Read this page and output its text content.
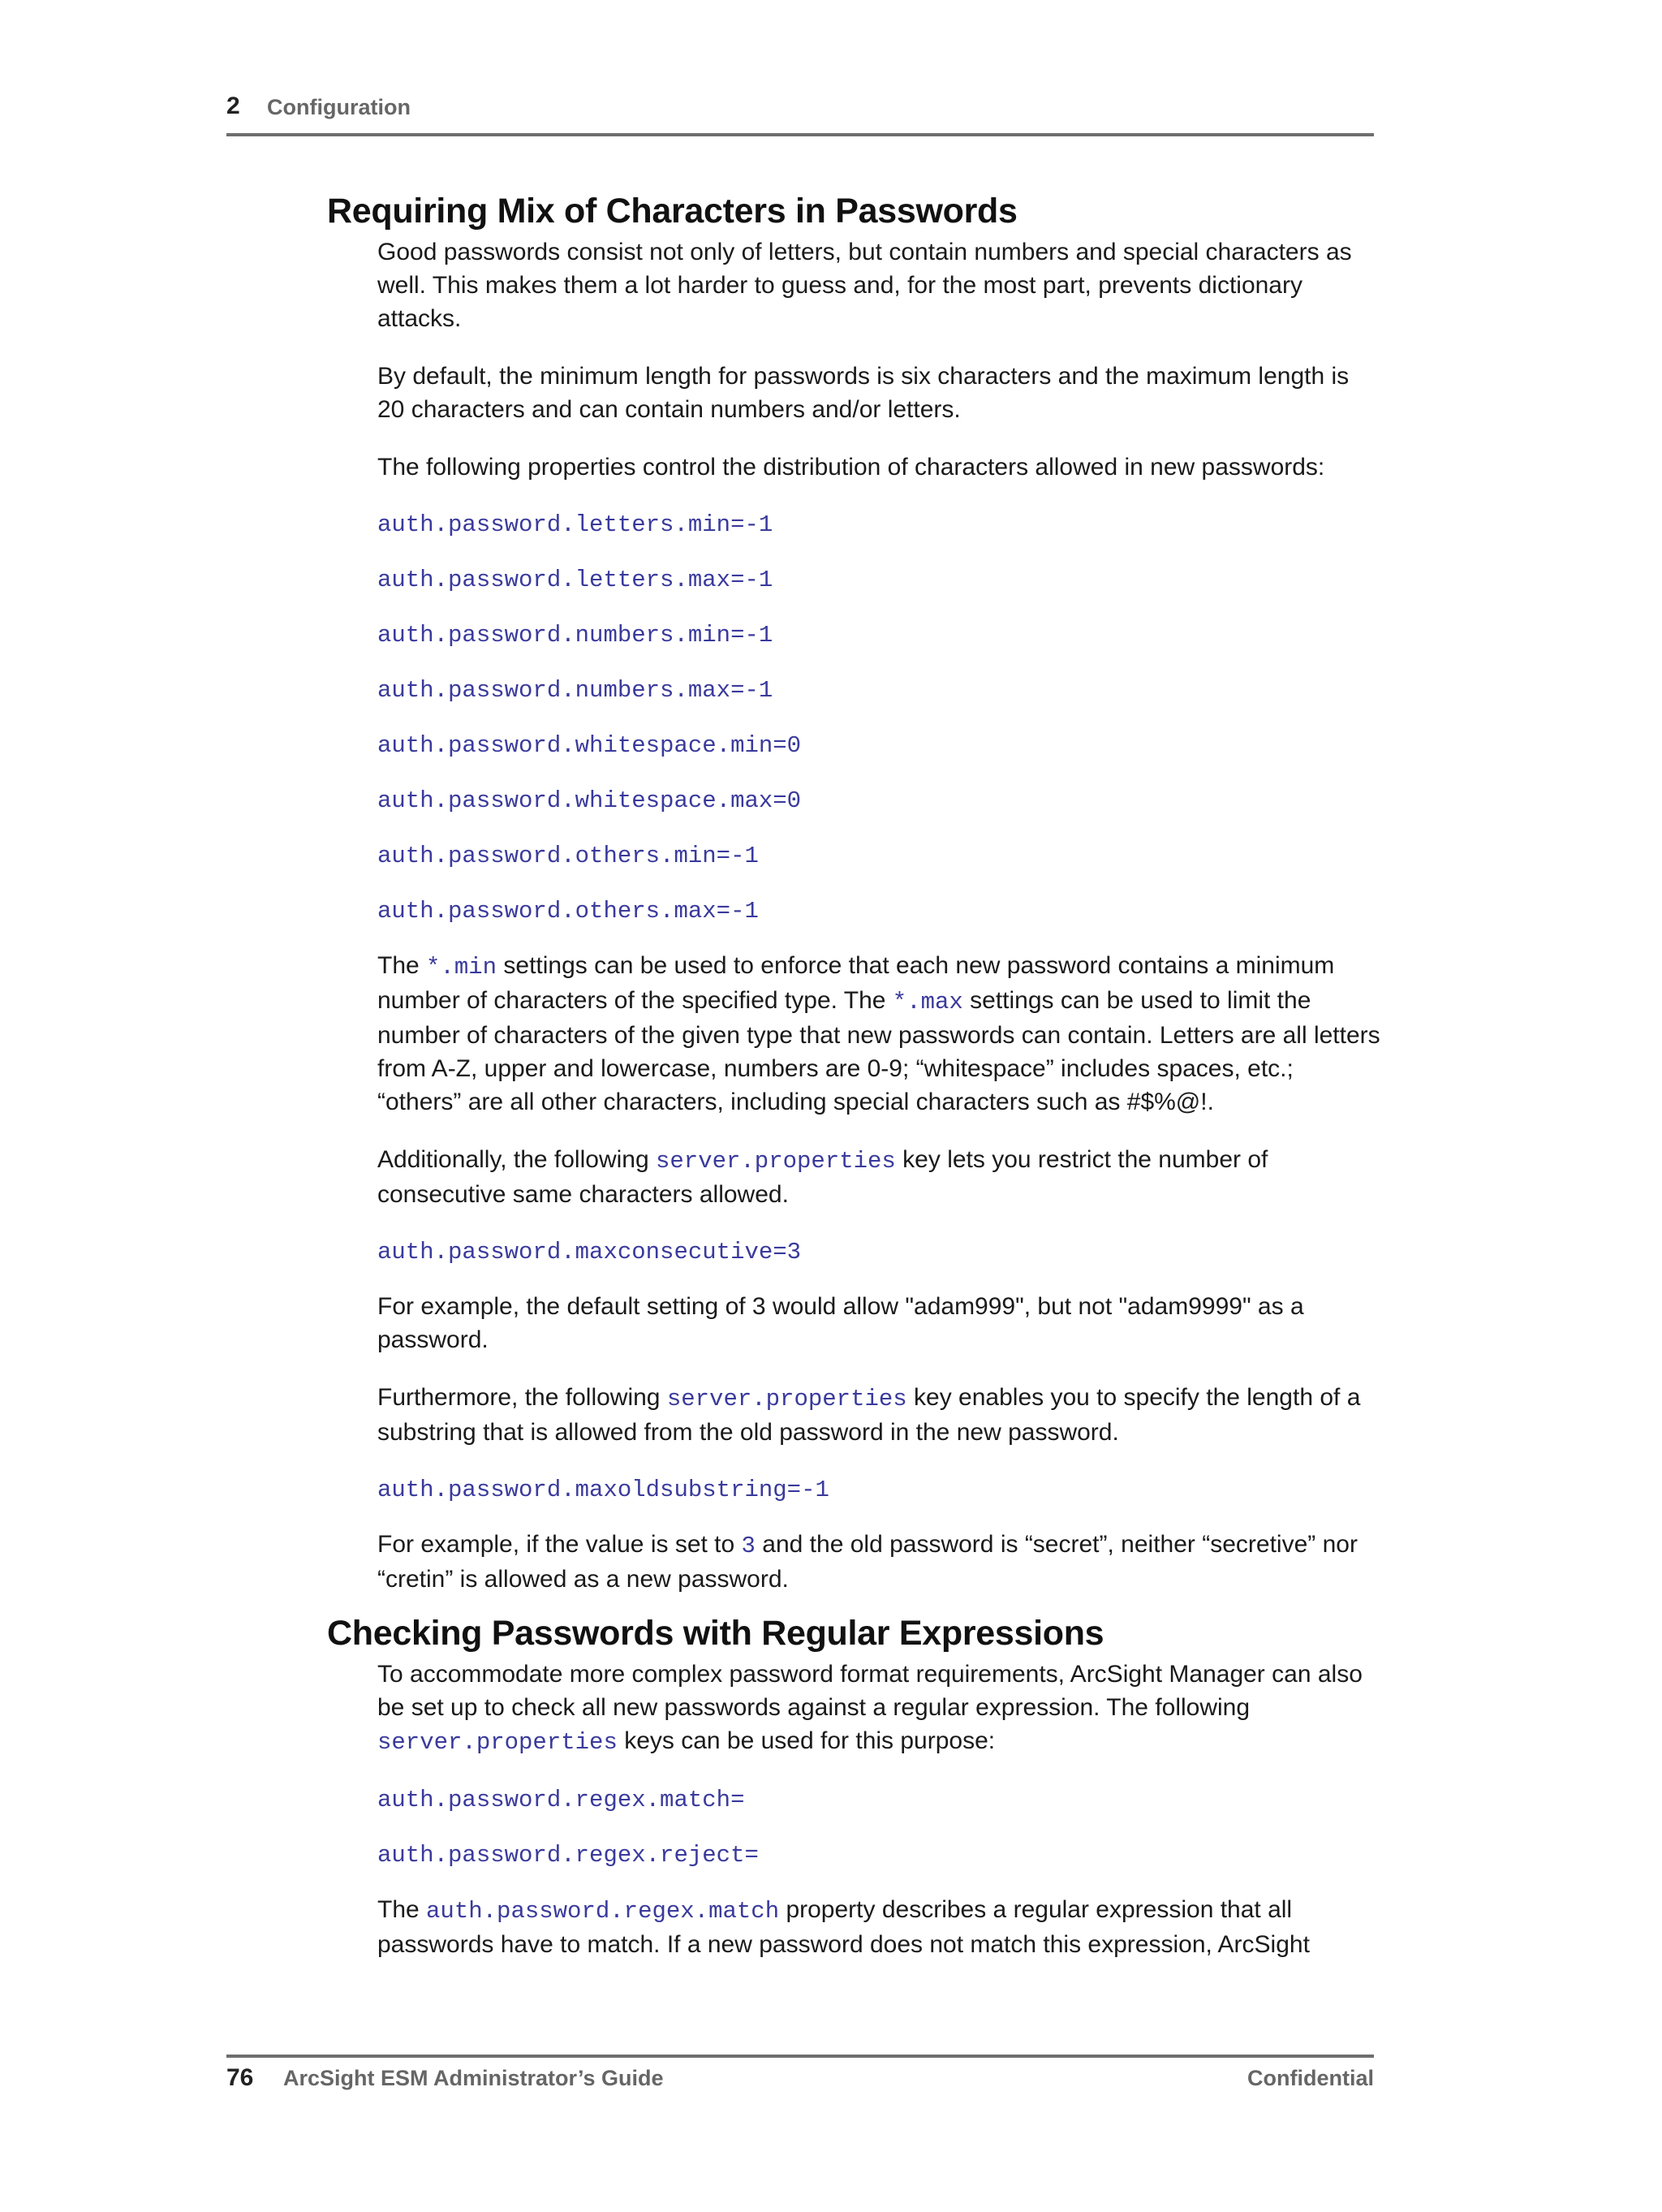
2 Configuration
Requiring Mix of Characters in Passwords

Good passwords consist not only of letters, but contain numbers and special characters as well. This makes them a lot harder to guess and, for the most part, prevents dictionary attacks.

By default, the minimum length for passwords is six characters and the maximum length is 20 characters and can contain numbers and/or letters.

The following properties control the distribution of characters allowed in new passwords:

auth.password.letters.min=-1

auth.password.letters.max=-1

auth.password.numbers.min=-1

auth.password.numbers.max=-1

auth.password.whitespace.min=0

auth.password.whitespace.max=0

auth.password.others.min=-1

auth.password.others.max=-1

The *.min settings can be used to enforce that each new password contains a minimum number of characters of the specified type. The *.max settings can be used to limit the number of characters of the given type that new passwords can contain. Letters are all letters from A-Z, upper and lowercase, numbers are 0-9; “whitespace” includes spaces, etc.; “others” are all other characters, including special characters such as #$%@!.

Additionally, the following server.properties key lets you restrict the number of consecutive same characters allowed.

auth.password.maxconsecutive=3

For example, the default setting of 3 would allow "adam999", but not "adam9999" as a password.

Furthermore, the following server.properties key enables you to specify the length of a substring that is allowed from the old password in the new password.

auth.password.maxoldsubstring=-1

For example, if the value is set to 3 and the old password is “secret”, neither “secretive” nor “cretin” is allowed as a new password.

Checking Passwords with Regular Expressions

To accommodate more complex password format requirements, ArcSight Manager can also be set up to check all new passwords against a regular expression. The following server.properties keys can be used for this purpose:

auth.password.regex.match=

auth.password.regex.reject=

The auth.password.regex.match property describes a regular expression that all passwords have to match. If a new password does not match this expression, ArcSight

76 ArcSight ESM Administrator’s Guide	Confidential
